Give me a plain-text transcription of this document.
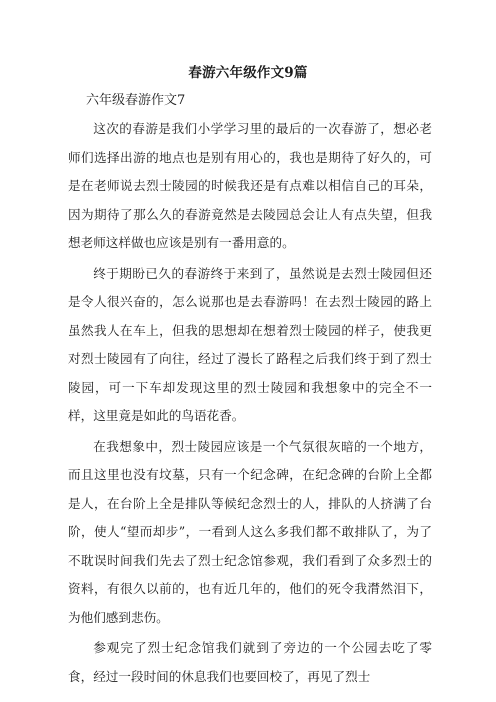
春游六年级作文9篇
六年级春游作文7

这次的春游是我们小学学习里的最后的一次春游了，想必老师们选择出游的地点也是别有用心的，我也是期待了好久的，可是在老师说去烈士陵园的时候我还是有点难以相信自己的耳朵，因为期待了那么久的春游竟然是去陵园总会让人有点失望，但我想老师这样做也应该是别有一番用意的。

终于期盼已久的春游终于来到了，虽然说是去烈士陵园但还是令人很兴奋的，怎么说那也是去春游吗！在去烈士陵园的路上虽然我人在车上，但我的思想却在想着烈士陵园的样子，使我更对烈士陵园有了向往，经过了漫长了路程之后我们终于到了烈士陵园，可一下车却发现这里的烈士陵园和我想象中的完全不一样，这里竟是如此的鸟语花香。

在我想象中，烈士陵园应该是一个气氛很灰暗的一个地方，而且这里也没有坟墓，只有一个纪念碑，在纪念碑的台阶上全都是人，在台阶上全是排队等候纪念烈士的人，排队的人挤满了台阶，使人“望而却步”，一看到人这么多我们都不敢排队了，为了不耽误时间我们先去了烈士纪念馆参观，我们看到了众多烈士的资料，有很久以前的，也有近几年的，他们的死令我潸然泪下，为他们感到悲伤。

参观完了烈士纪念馆我们就到了旁边的一个公园去吃了零食，经过一段时间的休息我们也要回校了，再见了烈士
